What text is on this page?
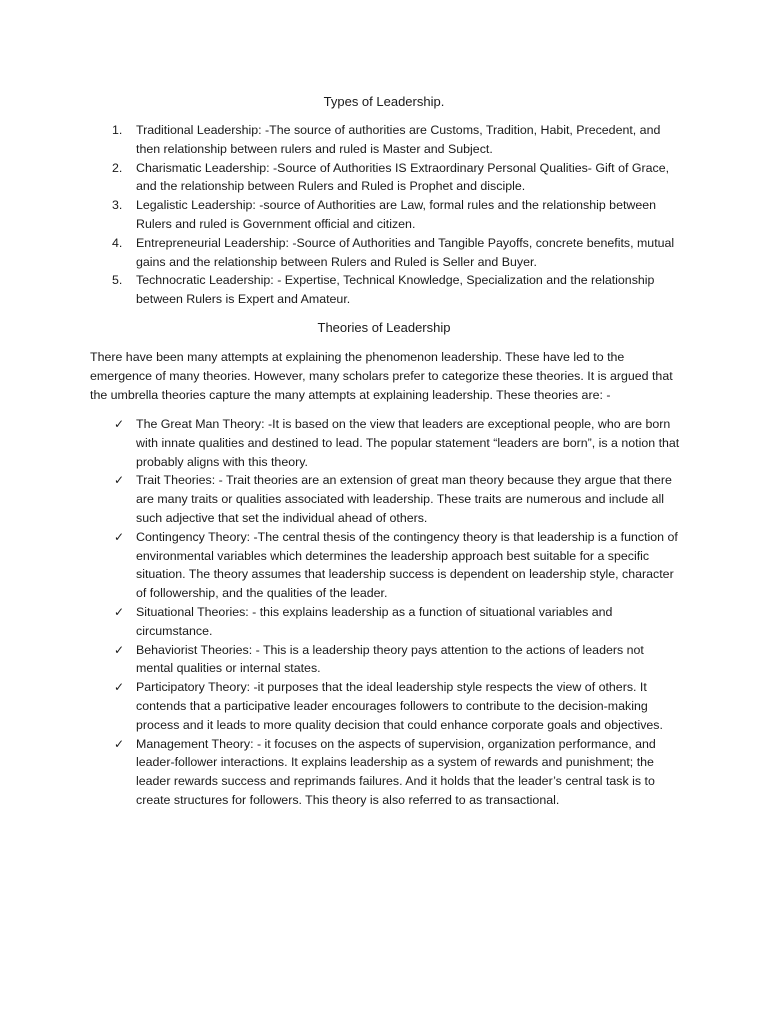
Types of Leadership.
1. Traditional Leadership: -The source of authorities are Customs, Tradition, Habit, Precedent, and then relationship between rulers and ruled is Master and Subject.
2. Charismatic Leadership: -Source of Authorities IS Extraordinary Personal Qualities- Gift of Grace, and the relationship between Rulers and Ruled is Prophet and disciple.
3. Legalistic Leadership: -source of Authorities are Law, formal rules and the relationship between Rulers and ruled is Government official and citizen.
4. Entrepreneurial Leadership: -Source of Authorities and Tangible Payoffs, concrete benefits, mutual gains and the relationship between Rulers and Ruled is Seller and Buyer.
5. Technocratic Leadership: - Expertise, Technical Knowledge, Specialization and the relationship between Rulers is Expert and Amateur.
Theories of Leadership

There have been many attempts at explaining the phenomenon leadership. These have led to the emergence of many theories. However, many scholars prefer to categorize these theories. It is argued that the umbrella theories capture the many attempts at explaining leadership. These theories are: -

✓ The Great Man Theory: -It is based on the view that leaders are exceptional people, who are born with innate qualities and destined to lead. The popular statement “leaders are born”, is a notion that probably aligns with this theory.
✓ Trait Theories: - Trait theories are an extension of great man theory because they argue that there are many traits or qualities associated with leadership. These traits are numerous and include all such adjective that set the individual ahead of others.
✓ Contingency Theory: -The central thesis of the contingency theory is that leadership is a function of environmental variables which determines the leadership approach best suitable for a specific situation. The theory assumes that leadership success is dependent on leadership style, character of followership, and the qualities of the leader.
✓ Situational Theories: - this explains leadership as a function of situational variables and circumstance.
✓ Behaviorist Theories: - This is a leadership theory pays attention to the actions of leaders not mental qualities or internal states.
✓ Participatory Theory: -it purposes that the ideal leadership style respects the view of others. It contends that a participative leader encourages followers to contribute to the decision-making process and it leads to more quality decision that could enhance corporate goals and objectives.
✓ Management Theory: - it focuses on the aspects of supervision, organization performance, and leader-follower interactions. It explains leadership as a system of rewards and punishment; the leader rewards success and reprimands failures. And it holds that the leader’s central task is to create structures for followers. This theory is also referred to as transactional.
